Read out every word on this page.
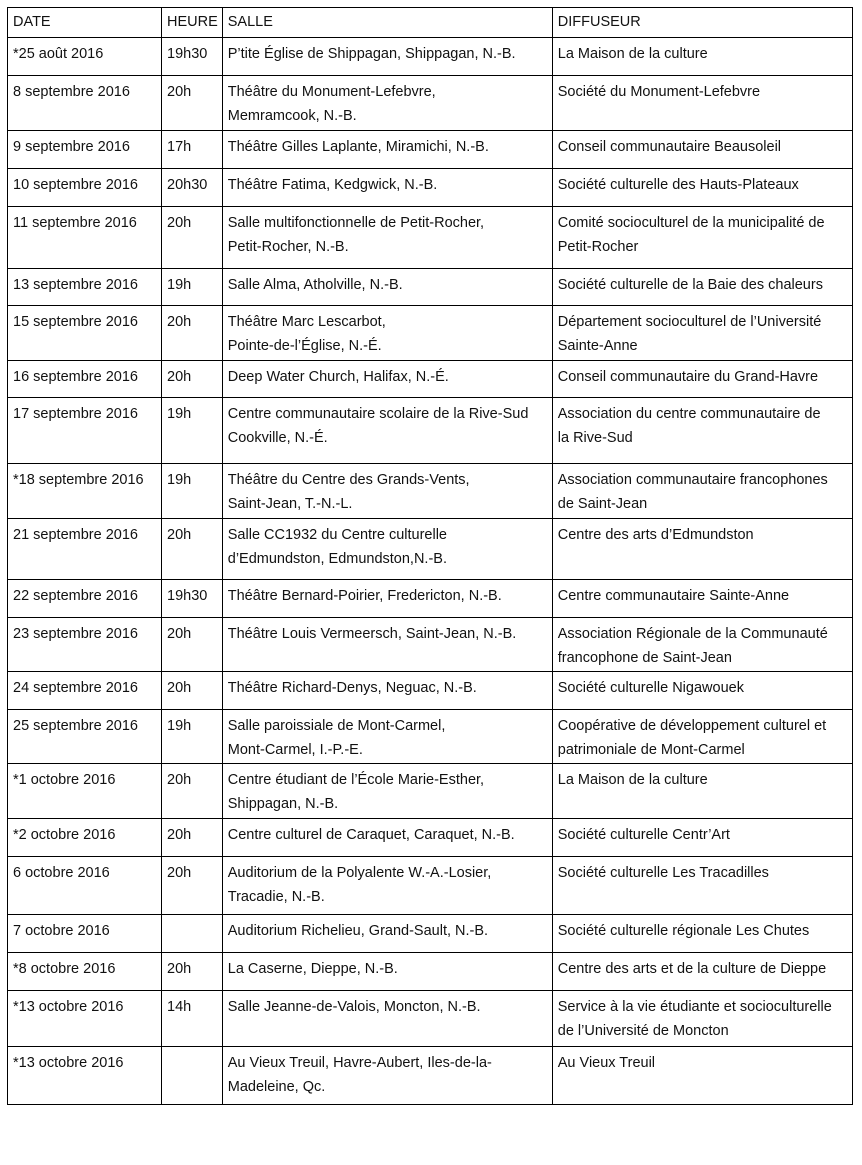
DATE	HEURE	SALLE	DIFFUSEUR
*25 août 2016	19h30	P’tite Église de Shippagan, Shippagan, N.-B.	La Maison de la culture

8 septembre 2016	20h	Théâtre du Monument-Lefebvre,
Memramcook, N.-B.	Société du Monument-Lefebvre

9 septembre 2016	17h	Théâtre Gilles Laplante, Miramichi, N.-B.	Conseil communautaire Beausoleil

10 septembre 2016	20h30	Théâtre Fatima, Kedgwick, N.-B.	Société culturelle des Hauts-Plateaux

11 septembre 2016	20h	Salle multifonctionnelle de Petit-Rocher,
Petit-Rocher, N.-B.	Comité socioculturel de la municipalité de
Petit-Rocher

13 septembre 2016	19h	Salle Alma, Atholville, N.-B.	Société culturelle de la Baie des chaleurs

15 septembre 2016	20h	Théâtre Marc Lescarbot,
Pointe-de-l’Église, N.-É.	Département socioculturel de l’Université
Sainte-Anne

16 septembre 2016	20h	Deep Water Church, Halifax, N.-É.	Conseil communautaire du Grand-Havre

17 septembre 2016	19h	Centre communautaire scolaire de la Rive-Sud
Cookville, N.-É.	Association du centre communautaire de
la Rive-Sud

*18 septembre 2016	19h	Théâtre du Centre des Grands-Vents,
Saint-Jean, T.-N.-L.	Association communautaire francophones
de Saint-Jean

21 septembre 2016	20h	Salle CC1932 du Centre culturelle
d’Edmundston, Edmundston,N.-B.	Centre des arts d’Edmundston

22 septembre 2016	19h30	Théâtre Bernard-Poirier, Fredericton, N.-B.	Centre communautaire Sainte-Anne

23 septembre 2016	20h	Théâtre Louis Vermeersch, Saint-Jean, N.-B.	Association Régionale de la Communauté
francophone de Saint-Jean

24 septembre 2016	20h	Théâtre Richard-Denys, Neguac, N.-B.	Société culturelle Nigawouek

25 septembre 2016	19h	Salle paroissiale de Mont-Carmel,
Mont-Carmel, I.-P.-E.	Coopérative de développement culturel et
patrimoniale de Mont-Carmel

*1 octobre 2016	20h	Centre étudiant de l’École Marie-Esther,
Shippagan, N.-B.	La Maison de la culture

*2 octobre 2016	20h	Centre culturel de Caraquet, Caraquet, N.-B.	Société culturelle Centr’Art

6 octobre 2016	20h	Auditorium de la Polyalente W.-A.-Losier,
Tracadie, N.-B.	Société culturelle Les Tracadilles

7 octobre 2016		Auditorium Richelieu, Grand-Sault, N.-B.	Société culturelle régionale Les Chutes

*8 octobre 2016	20h	La Caserne, Dieppe, N.-B.	Centre des arts et de la culture de Dieppe

*13 octobre 2016	14h	Salle Jeanne-de-Valois, Moncton, N.-B.	Service à la vie étudiante et socioculturelle
de l’Université de Moncton

*13 octobre 2016		Au Vieux Treuil, Havre-Aubert, Iles-de-la-
Madeleine, Qc.	Au Vieux Treuil
